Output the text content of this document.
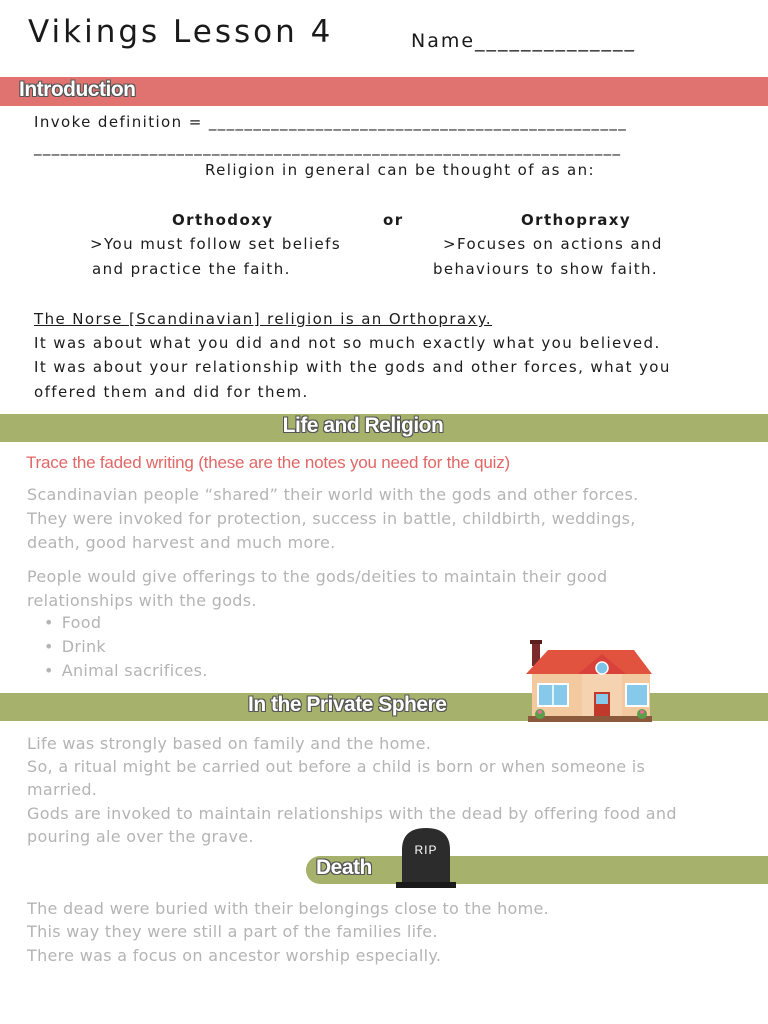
Vikings Lesson 4	Name______________
Introduction
Invoke definition = _______________________________________________
__________________________________________________________________
Religion in general can be thought of as an:
Orthodoxy	or	Orthopraxy
>You must follow set beliefs
and practice the faith.
>Focuses on actions and
behaviours to show faith.
The Norse [Scandinavian] religion is an Orthopraxy.
It was about what you did and not so much exactly what you believed.
It was about your relationship with the gods and other forces, what you
offered them and did for them.
Life and Religion
Trace the faded writing (these are the notes you need for the quiz)
Scandinavian people “shared” their world with the gods and other forces.
They were invoked for protection, success in battle, childbirth, weddings,
death, good harvest and much more.
People would give offerings to the gods/deities to maintain their good
relationships with the gods.
• Food
• Drink
• Animal sacrifices.
In the Private Sphere
Life was strongly based on family and the home.
So, a ritual might be carried out before a child is born or when someone is
married.
Gods are invoked to maintain relationships with the dead by offering food and
pouring ale over the grave.
Death
RIP
The dead were buried with their belongings close to the home.
This way they were still a part of the families life.
There was a focus on ancestor worship especially.
